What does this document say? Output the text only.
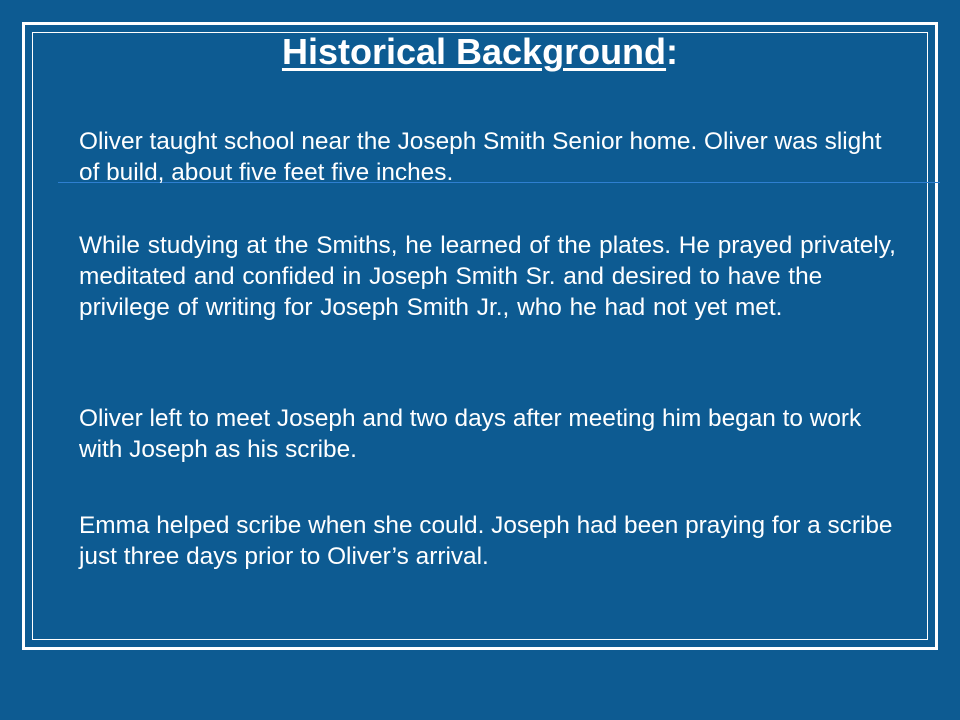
Historical Background:

Oliver taught school near the Joseph Smith Senior home. Oliver was slight of build, about five feet five inches.

While studying at the Smiths, he learned of the plates. He prayed privately, meditated and confided in Joseph Smith Sr. and desired to have the privilege of writing for Joseph Smith Jr., who he had not yet met.

Oliver left to meet Joseph and two days after meeting him began to work with Joseph as his scribe.

Emma helped scribe when she could. Joseph had been praying for a scribe just three days prior to Oliver’s arrival.
